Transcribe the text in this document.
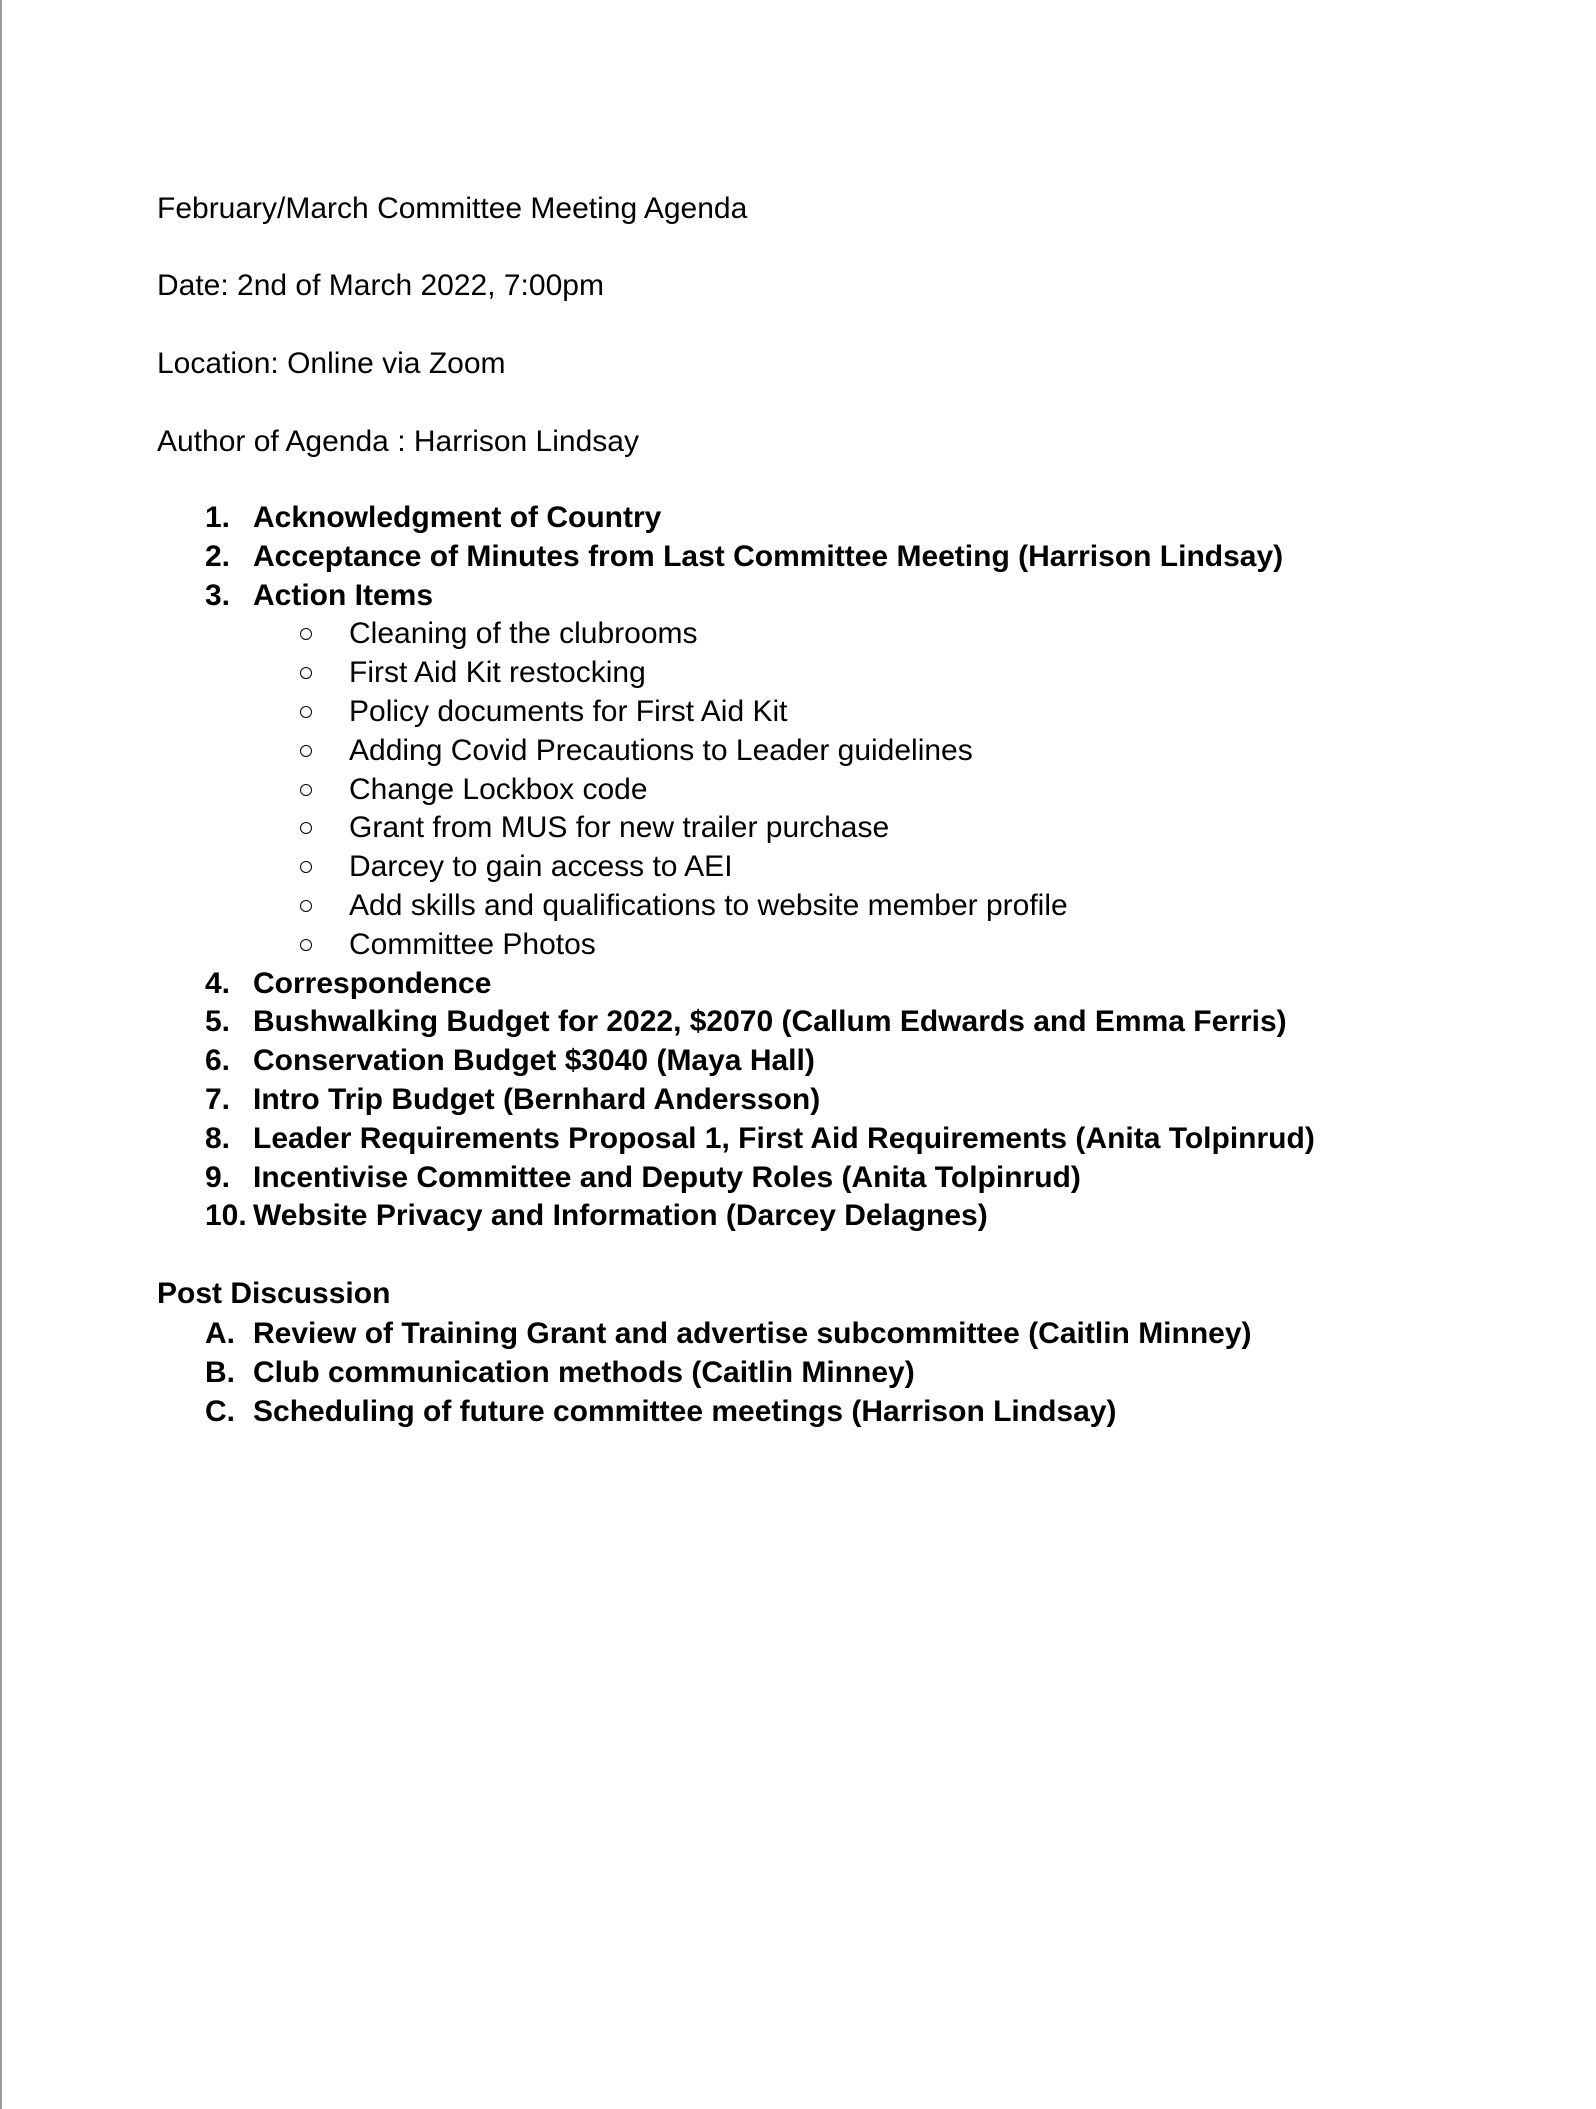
February/March Committee Meeting Agenda
Date: 2nd of March 2022, 7:00pm
Location: Online via Zoom
Author of Agenda : Harrison Lindsay
1. Acknowledgment of Country
2. Acceptance of Minutes from Last Committee Meeting (Harrison Lindsay)
3. Action Items
Cleaning of the clubrooms
First Aid Kit restocking
Policy documents for First Aid Kit
Adding Covid Precautions to Leader guidelines
Change Lockbox code
Grant from MUS for new trailer purchase
Darcey to gain access to AEI
Add skills and qualifications to website member profile
Committee Photos
4. Correspondence
5. Bushwalking Budget for 2022, $2070 (Callum Edwards and Emma Ferris)
6. Conservation Budget $3040 (Maya Hall)
7. Intro Trip Budget (Bernhard Andersson)
8. Leader Requirements Proposal 1, First Aid Requirements (Anita Tolpinrud)
9. Incentivise Committee and Deputy Roles (Anita Tolpinrud)
10. Website Privacy and Information (Darcey Delagnes)
Post Discussion
A. Review of Training Grant and advertise subcommittee (Caitlin Minney)
B. Club communication methods (Caitlin Minney)
C. Scheduling of future committee meetings (Harrison Lindsay)
